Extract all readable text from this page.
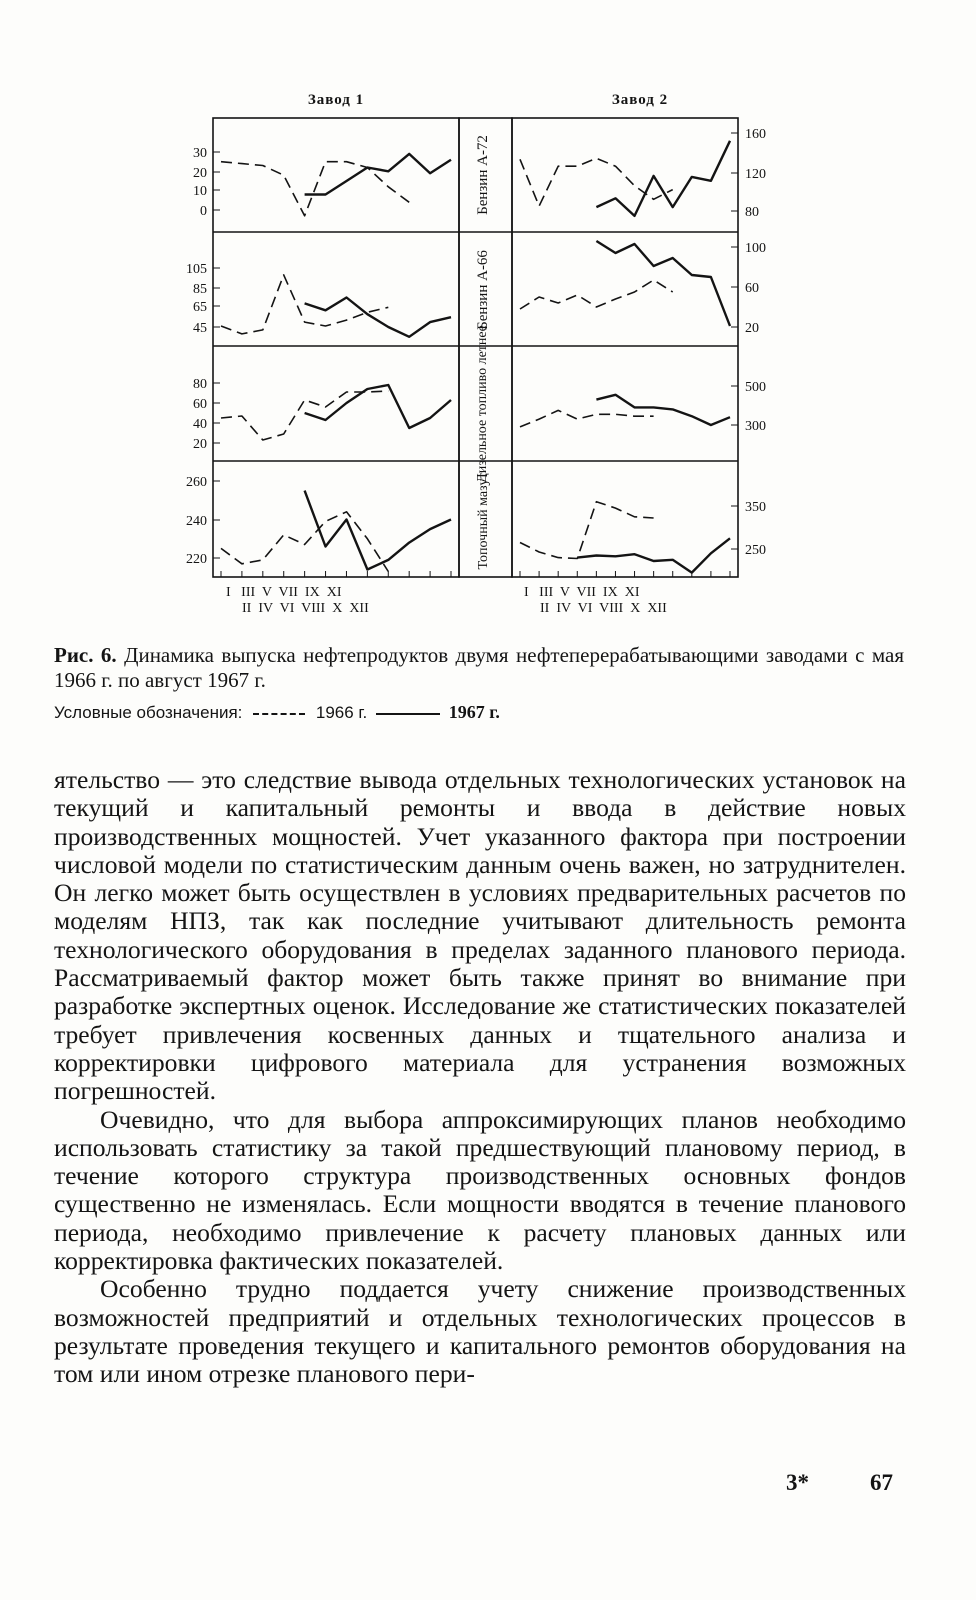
Завод 1	Завод 2
30
20
10
0
105
85
65
45
80
60
40
20
260
240
220
160
120
80
100
60
20
500
300
350
250
Бензин А-72
Бензин А-66
Дизельное топливо летнее
Топочный мазут
I   III  V  VII  IX  XI
II  IV  VI  VIII  X  XII
I   III  V  VII  IX  XI
II  IV  VI  VIII  X  XII
Рис. 6. Динамика выпуска нефтепродуктов двумя нефтеперерабатывающими заводами с мая 1966 г. по август 1967 г.
Условные обозначения:	1966 г.	1967 г.

ятельство — это следствие вывода отдельных технологических установок на текущий и капитальный ремонты и ввода в действие новых производственных мощностей. Учет указанного фактора при построении числовой модели по статистическим данным очень важен, но затруднителен. Он легко может быть осуществлен в условиях предварительных расчетов по моделям НПЗ, так как последние учитывают длительность ремонта технологического оборудования в пределах заданного планового периода. Рассматриваемый фактор может быть также принят во внимание при разработке экспертных оценок. Исследование же статистических показателей требует привлечения косвенных данных и тщательного анализа и корректировки цифрового материала для устранения возможных погрешностей.

Очевидно, что для выбора аппроксимирующих планов необходимо использовать статистику за такой предшествующий плановому период, в течение которого структура производственных основных фондов существенно не изменялась. Если мощности вводятся в течение планового периода, необходимо привлечение к расчету плановых данных или корректировка фактических показателей.

Особенно трудно поддается учету снижение производственных возможностей предприятий и отдельных технологических процессов в результате проведения текущего и капитального ремонтов оборудования на том или ином отрезке планового пери-

3*	67
